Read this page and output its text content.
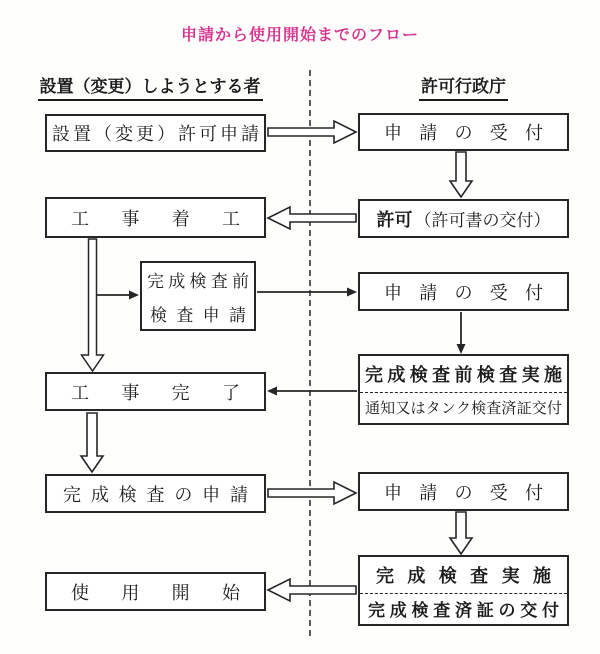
申請から使用開始までのフロー
設置（変更）しようとする者	許可行政庁
設 置 （ 変 更 ） 許 可 申 請
工 事 着 工
完 成 検 査 前
検 査 申 請
工 事 完 了
完 成 検 査 の 申 請
使 用 開 始
申 請 の 受 付
許可 （許可書の交付）
申 請 の 受 付
完 成 検 査 前 検 査 実 施
通 知 又 は タ ン ク 検 査 済 証 交 付
申 請 の 受 付
完 成 検 査 実 施
完 成 検 査 済 証 の 交 付
